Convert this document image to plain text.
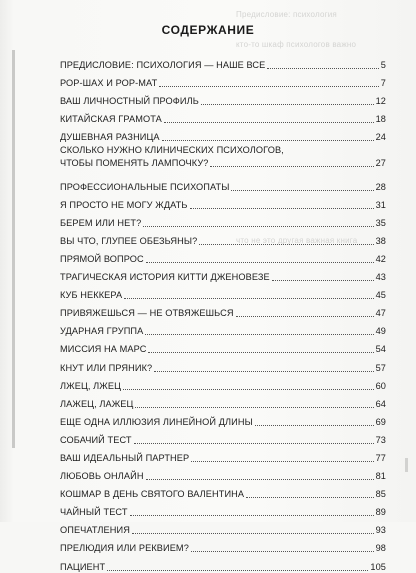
Предисловие: психология
кто-то шкаф психологов важно
что не это другая важная книга
СОДЕРЖАНИЕ
ПРЕДИСЛОВИЕ: ПСИХОЛОГИЯ — НАШЕ ВСЕ	5
РОР-ШАХ И РОР-МАТ	7
ВАШ ЛИЧНОСТНЫЙ ПРОФИЛЬ	12
КИТАЙСКАЯ ГРАМОТА	18
ДУШЕВНАЯ РАЗНИЦА	24
СКОЛЬКО НУЖНО КЛИНИЧЕСКИХ ПСИХОЛОГОВ,
ЧТОБЫ ПОМЕНЯТЬ ЛАМПОЧКУ?	27
ПРОФЕССИОНАЛЬНЫЕ ПСИХОПАТЫ	28
Я ПРОСТО НЕ МОГУ ЖДАТЬ	31
БЕРЕМ ИЛИ НЕТ?	35
ВЫ ЧТО, ГЛУПЕЕ ОБЕЗЬЯНЫ?	38
ПРЯМОЙ ВОПРОС	42
ТРАГИЧЕСКАЯ ИСТОРИЯ КИТТИ ДЖЕНОВЕЗЕ	43
КУБ НЕККЕРА	45
ПРИВЯЖЕШЬСЯ — НЕ ОТВЯЖЕШЬСЯ	47
УДАРНАЯ ГРУППА	49
МИССИЯ НА МАРС	54
КНУТ ИЛИ ПРЯНИК?	57
ЛЖЕЦ, ЛЖЕЦ	60
ЛАЖЕЦ, ЛАЖЕЦ	64
ЕЩЕ ОДНА ИЛЛЮЗИЯ ЛИНЕЙНОЙ ДЛИНЫ	69
СОБАЧИЙ ТЕСТ	73
ВАШ ИДЕАЛЬНЫЙ ПАРТНЕР	77
ЛЮБОВЬ ОНЛАЙН	81
КОШМАР В ДЕНЬ СВЯТОГО ВАЛЕНТИНА	85
ЧАЙНЫЙ ТЕСТ	89
ОПЕЧАТЛЕНИЯ	93
ПРЕЛЮДИЯ ИЛИ РЕКВИЕМ?	98
ПАЦИЕНТ	105
